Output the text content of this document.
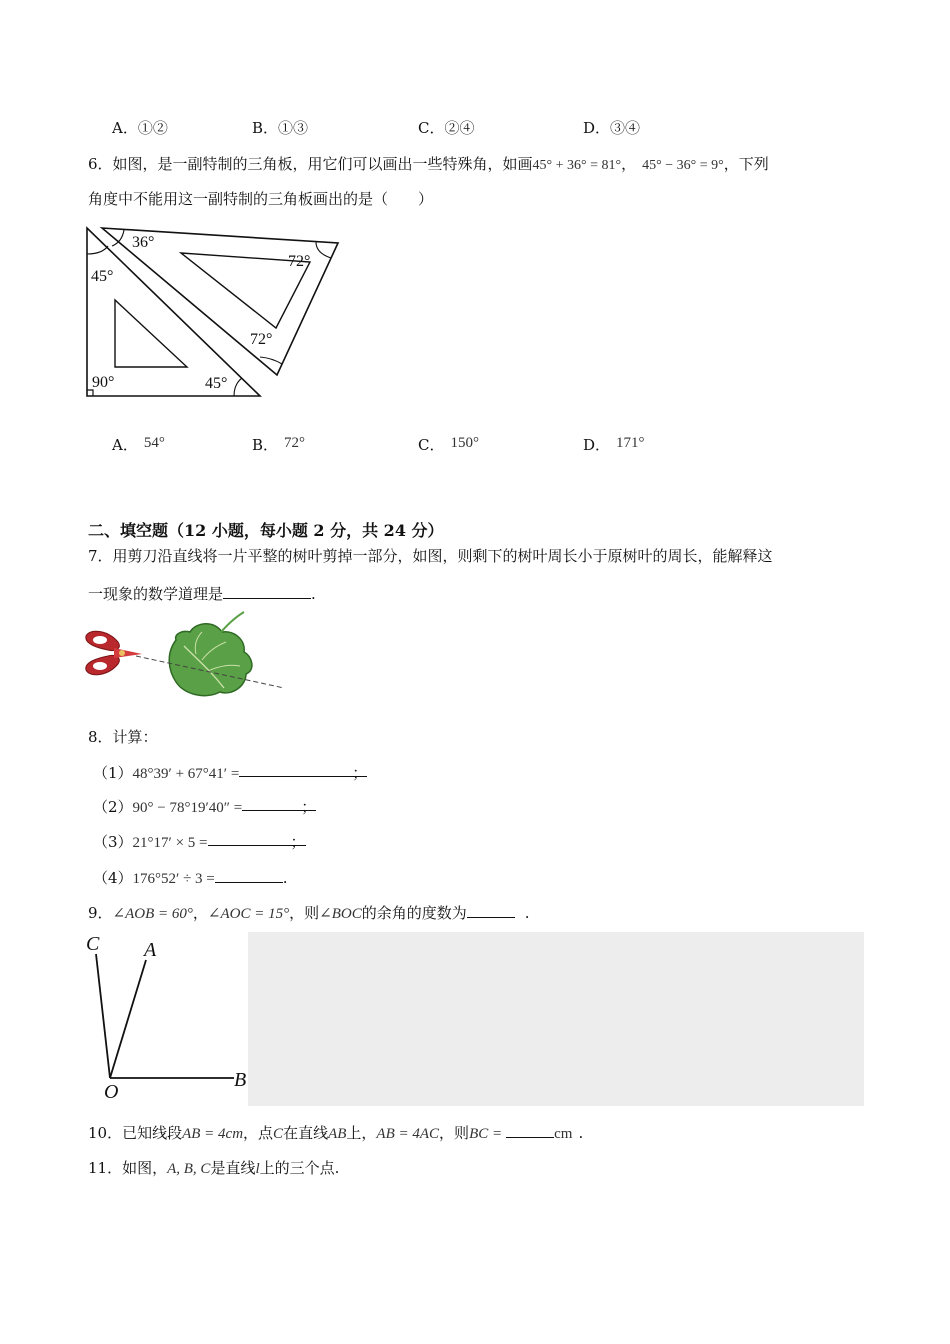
A．①②	B．①③	C．②④	D．③④
6．如图，是一副特制的三角板，用它们可以画出一些特殊角，如画45° + 36° = 81°， 45° − 36° = 9°，下列
角度中不能用这一副特制的三角板画出的是（　　）
36°
72°
45°
72°
90°	45°
A． 54°	B． 72°	C． 150°	D． 171°
二、填空题（12 小题，每小题 2 分，共 24 分）
7．用剪刀沿直线将一片平整的树叶剪掉一部分，如图，则剩下的树叶周长小于原树叶的周长，能解释这
一现象的数学道理是	.
8．计算：
（1）48°39′ + 67°41′ =	；
（2）90° − 78°19′40″ =	；
（3）21°17′ × 5 =	；
（4）176°52′ ÷ 3 =	.
9．∠AOB = 60°，∠AOC = 15°，则∠BOC的余角的度数为	.
C A
O
B
10．已知线段AB = 4cm，点C在直线AB上，AB = 4AC，则BC =	cm .
11．如图，A, B, C是直线l上的三个点.
